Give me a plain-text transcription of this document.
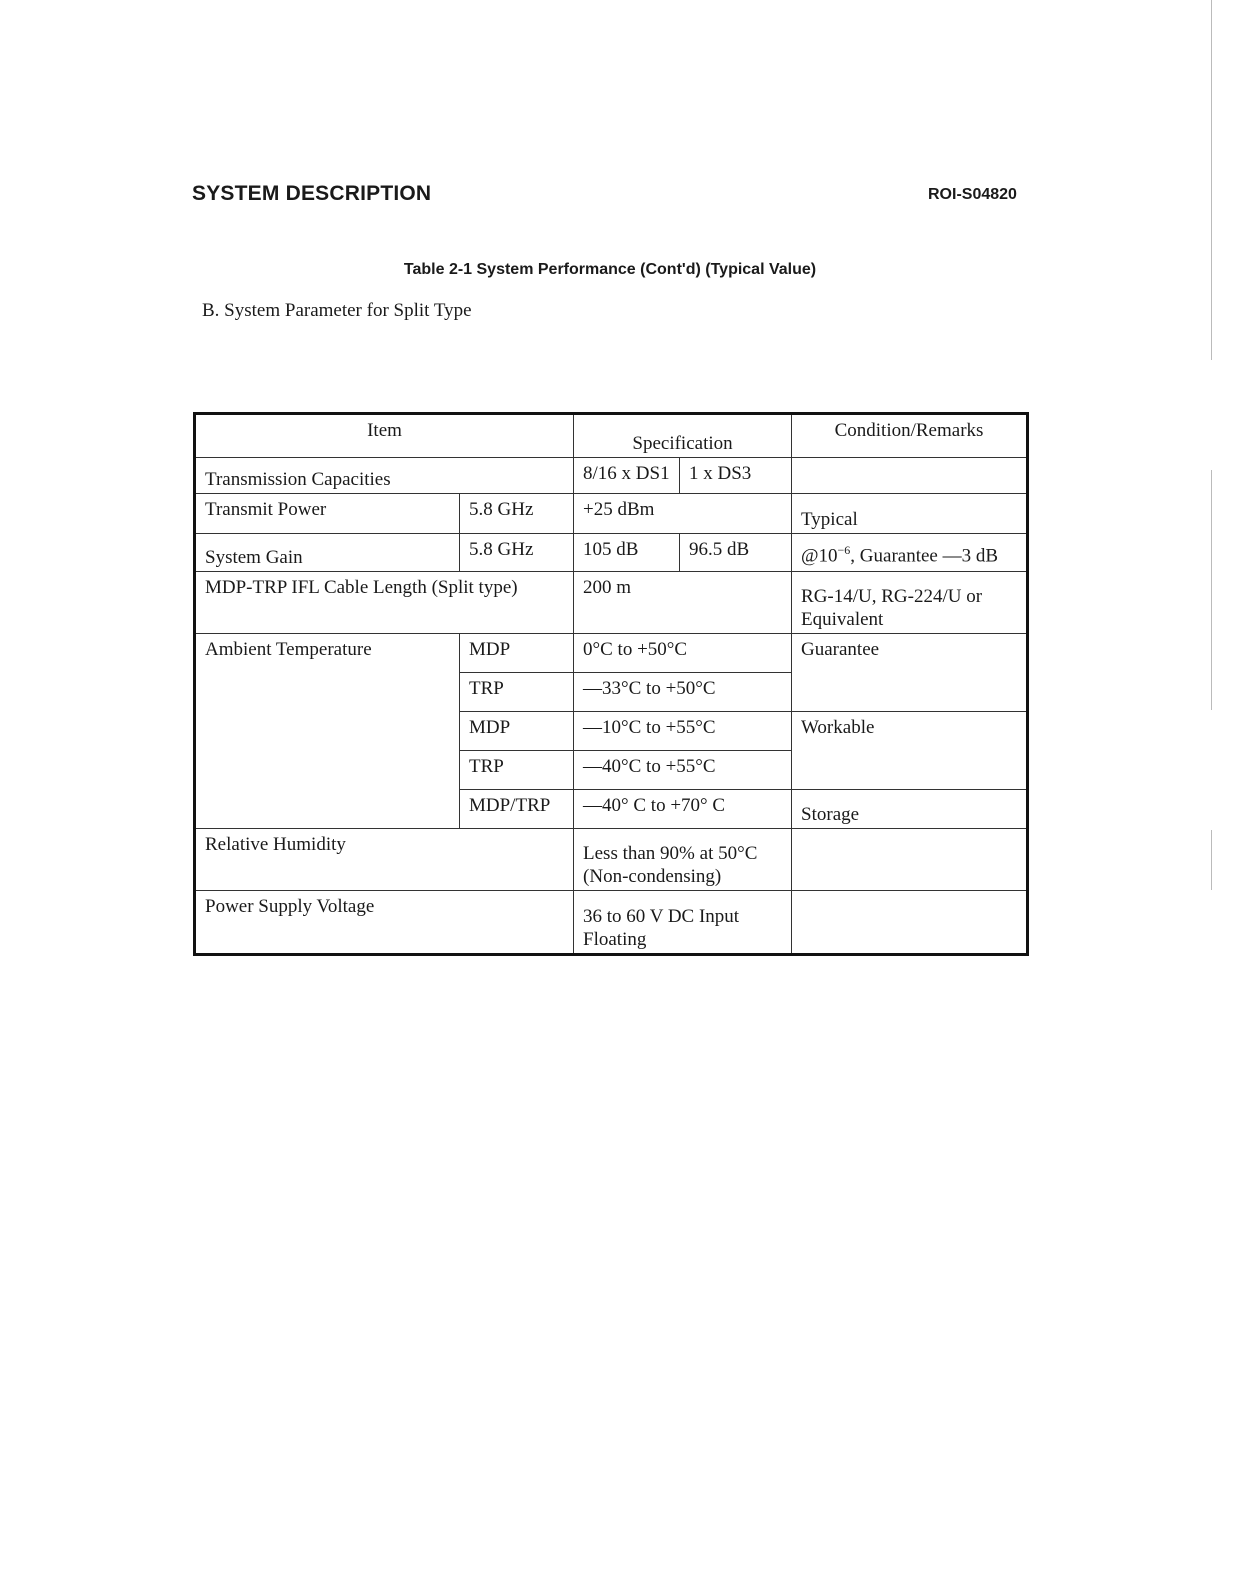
SYSTEM DESCRIPTION	ROI-S04820
Table 2-1 System Performance (Cont'd) (Typical Value)
B. System Parameter for Split Type
Item		Specification		Condition/Remarks
Transmission Capacities		8/16 x DS1	1 x DS3	
Transmit Power	5.8 GHz	+25 dBm		Typical
System Gain	5.8 GHz	105 dB	96.5 dB	$@10^{-6}$, Guarantee —3 dB
MDP-TRP IFL Cable Length (Split type)		200 m		RG-14/U, RG-224/U or Equivalent
Ambient Temperature	MDP	0°C to +50°C		Guarantee
	TRP	—33°C to +50°C		
	MDP	—10°C to +55°C		Workable
	TRP	—40°C to +55°C		
	MDP/TRP	—40° C to +70° C		Storage
Relative Humidity		Less than 90% at 50°C (Non-condensing)		
Power Supply Voltage		36 to 60 V DC Input Floating		
